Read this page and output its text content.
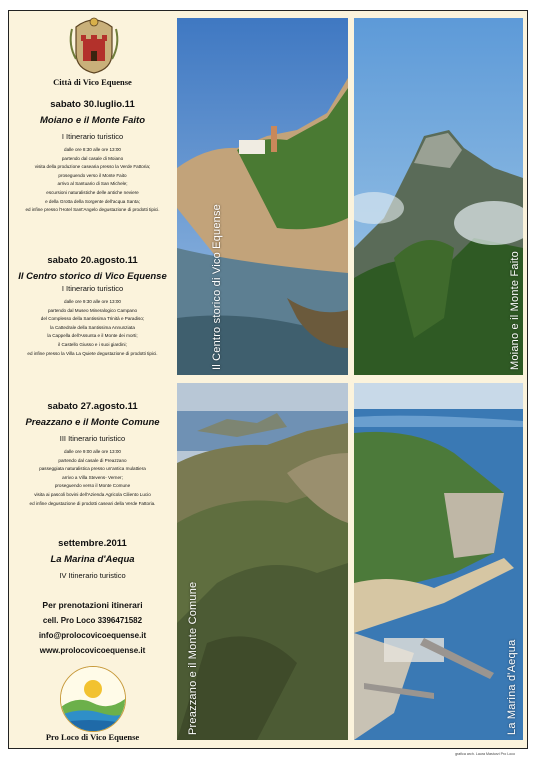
Città di Vico Equense
sabato 30.luglio.11
Moiano e il Monte Faito
I Itinerario turistico
dalle ore 8:30 alle ore 13:00
partendo dal casale di Moiano
visita della produzione casearia presso la Verde Fattoria;
proseguendo verso il Monte Faito
arrivo al Santuario di San Michele;
escursioni naturalistiche delle antiche neviere
e della Grotta della Sorgente dell'acqua Santa;
ed infine presso l'Hotel Sant'Angelo degustazione di prodotti tipici.
sabato 20.agosto.11
Il Centro storico di Vico Equense
I Itinerario turistico
dalle ore 9:30 alle ore 13:00
partendo dal Museo Mineralogico Campano
del Complesso della Santissima Trinità e Paradiso;
la Cattedrale della Santissima Annunziata
la Cappella dell'Assunta e il Monte dei morti;
il Castello Giusso e i suoi giardini;
ed infine presso la Villa La Quiete degustazione di prodotti tipici.
sabato 27.agosto.11
Preazzano e il Monte Comune
III Itinerario turistico
dalle ore 9:00 alle ore 13:00
partendo dal casale di Preazzano
passeggiata naturalistica presso un'antica mulattiera
arrivo a Villa Stevens- Verner;
proseguendo verso il Monte Comune
visita ai pascoli bovini dell'Azienda Agricola Ciliento Lucio
ed infine degustazione di prodotti caseari della Verde Fattoria.
settembre.2011
La Marina d'Aequa
IV Itinerario turistico
Per prenotazioni itinerari
cell. Pro Loco 3396471582
info@prolocovicoequense.it
www.prolocovicoequense.it
Pro Loco di Vico Equense
Il Centro storico di Vico Equense	Moiano e il Monte Faito
Preazzano e il Monte Comune	La Marina d'Aequa
grafica arch. Laura Masturzi Pro Loco
